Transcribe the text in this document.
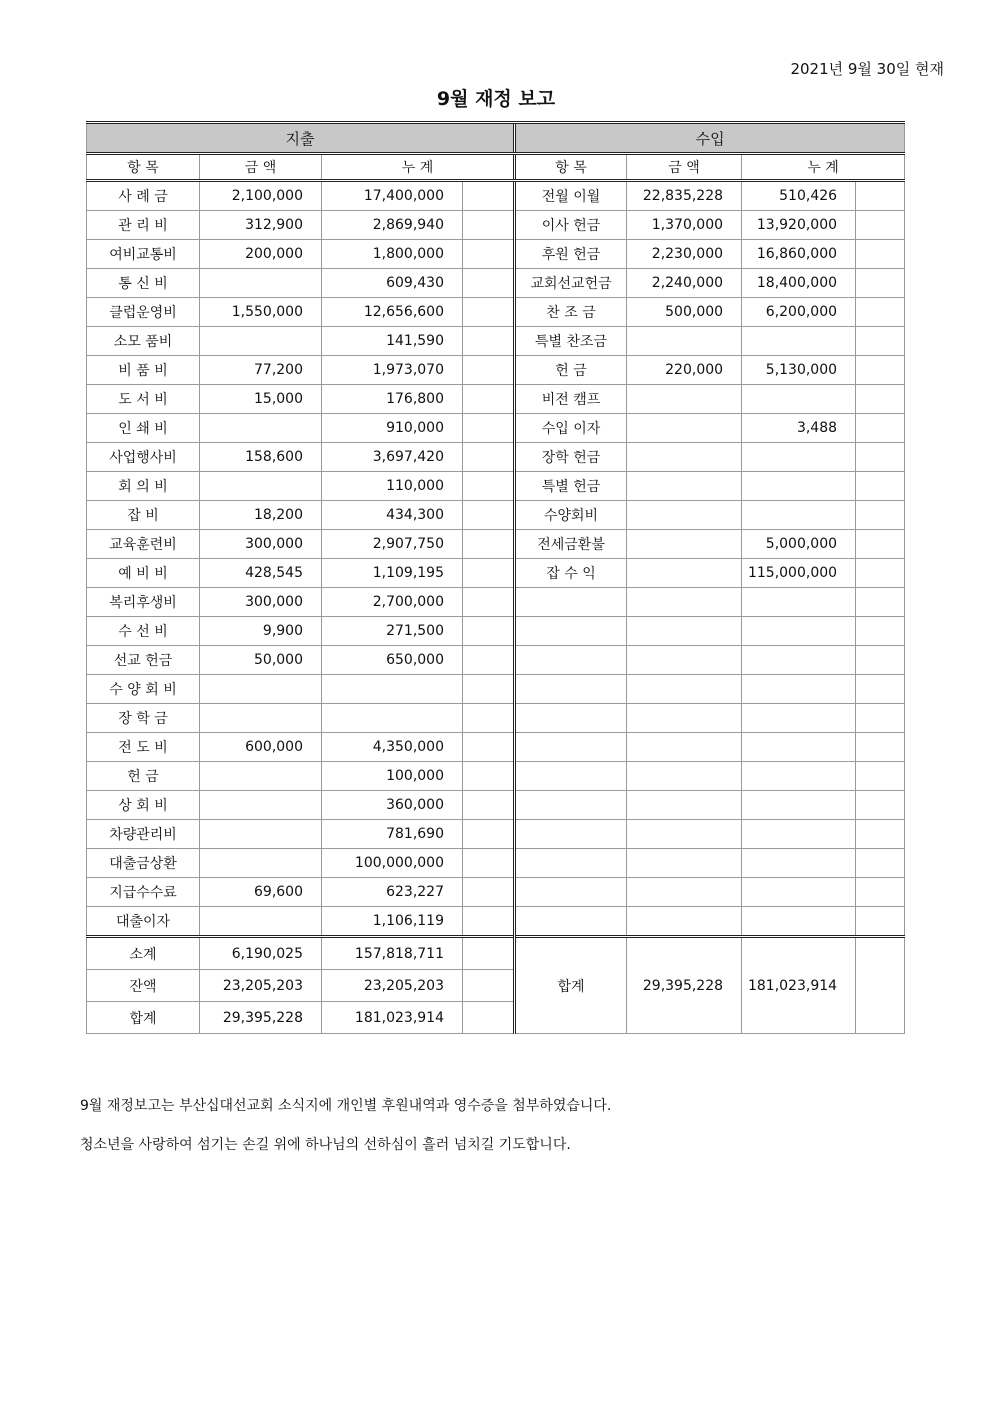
2021년 9월 30일 현재
9월 재정 보고
지출				수입			
항 목	금 액	누 계		항 목	금 액	누 계	
사 례 금	2,100,000	17,400,000		전월 이월	22,835,228	510,426	
관 리 비	312,900	2,869,940		이사 헌금	1,370,000	13,920,000	
여비교통비	200,000	1,800,000		후원 헌금	2,230,000	16,860,000	
통 신 비		609,430		교회선교헌금	2,240,000	18,400,000	
클럽운영비	1,550,000	12,656,600		찬 조 금	500,000	6,200,000	
소모 품비		141,590		특별 찬조금			
비 품 비	77,200	1,973,070		헌 금	220,000	5,130,000	
도 서 비	15,000	176,800		비전 캠프			
인 쇄 비		910,000		수입 이자		3,488	
사업행사비	158,600	3,697,420		장학 헌금			
회 의 비		110,000		특별 헌금			
잡 비	18,200	434,300		수양회비			
교육훈련비	300,000	2,907,750		전세금환불		5,000,000	
예 비 비	428,545	1,109,195		잡 수 익		115,000,000	
복리후생비	300,000	2,700,000					
수 선 비	9,900	271,500					
선교 헌금	50,000	650,000					
수 양 회 비							
장 학 금							
전 도 비	600,000	4,350,000					
헌 금		100,000					
상 회 비		360,000					
차량관리비		781,690					
대출금상환		100,000,000					
지급수수료	69,600	623,227					
대출이자		1,106,119					
소계	6,190,025	157,818,711		합계	29,395,228	181,023,914	
잔액	23,205,203	23,205,203					
합계	29,395,228	181,023,914					
9월 재정보고는 부산십대선교회 소식지에 개인별 후원내역과 영수증을 첨부하였습니다.
청소년을 사랑하여 섬기는 손길 위에 하나님의 선하심이 흘러 넘치길 기도합니다.
